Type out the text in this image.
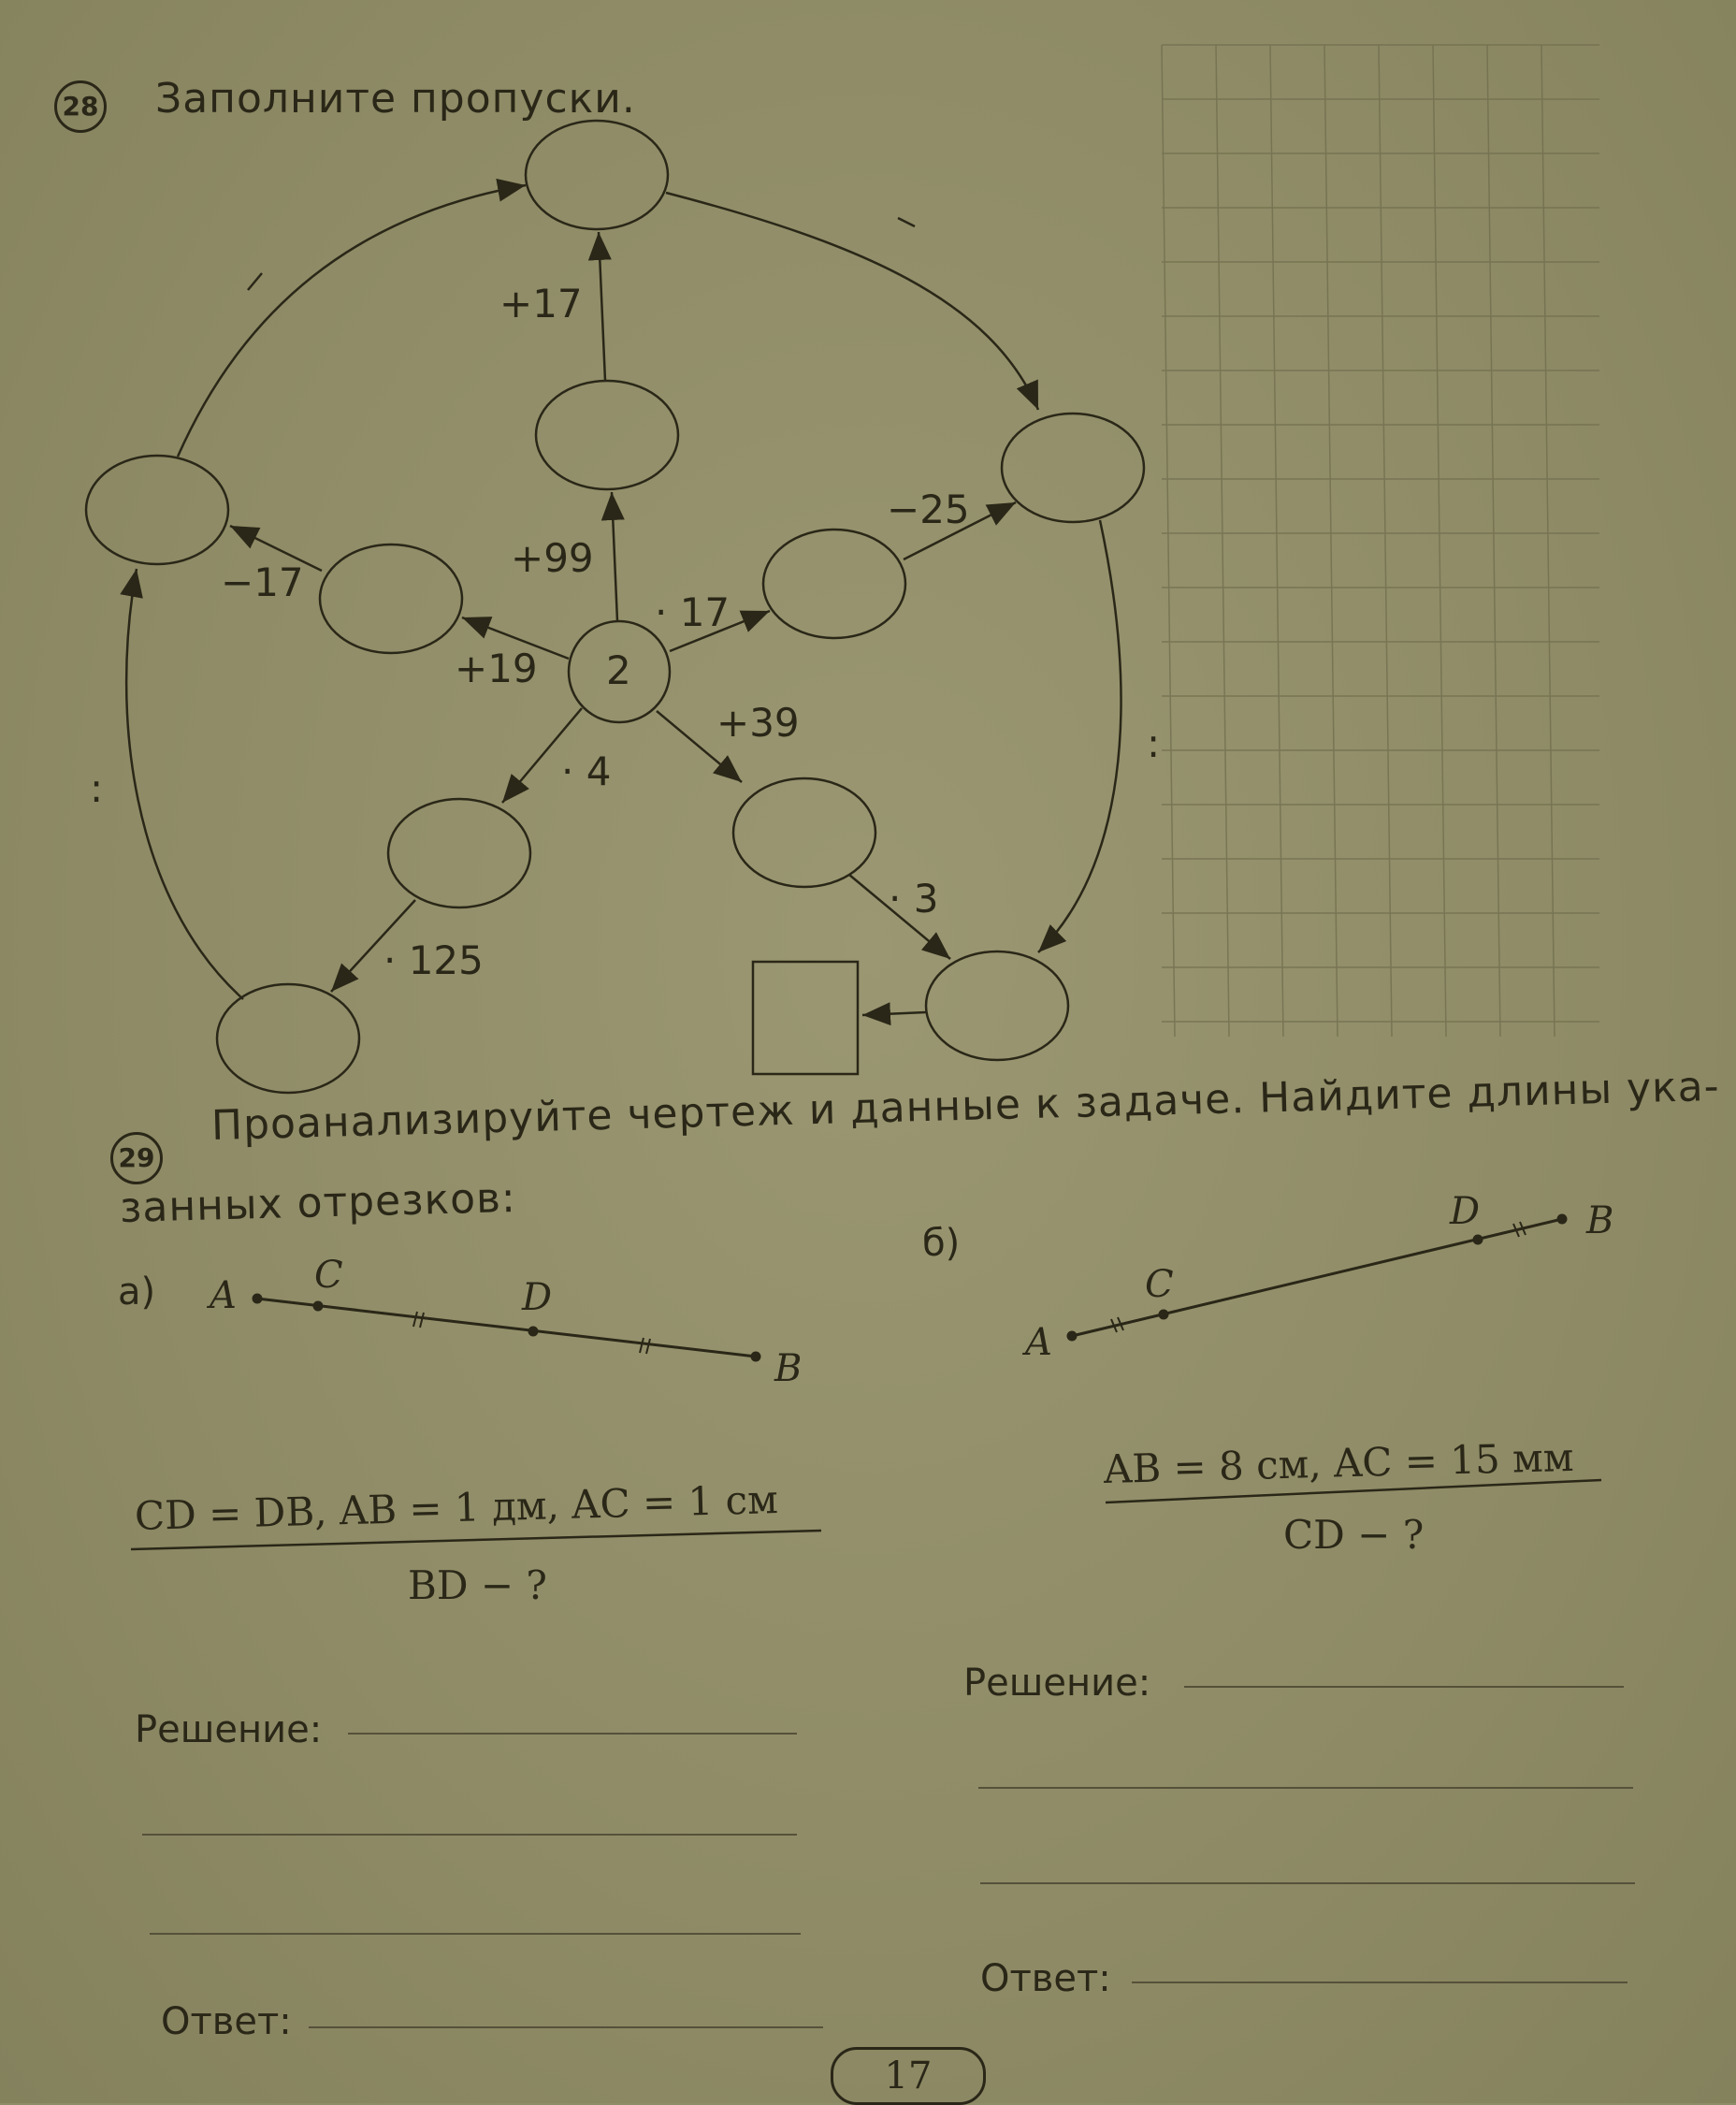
28 Заполните пропуски.
2
+17
+99
+19
−17
· 17
−25
· 4
· 125
+39
· 3
:
:
29
Проанализируйте чертеж и данные к задаче. Найдите длины ука-
занных отрезков:
а) A C
D
B
CD = DB, AB = 1 дм, AC = 1 см
BD − ?
Решение:
Ответ:
б)
A
C
D	B
AB = 8 см, AC = 15 мм
CD − ?
Решение:
Ответ:
17
